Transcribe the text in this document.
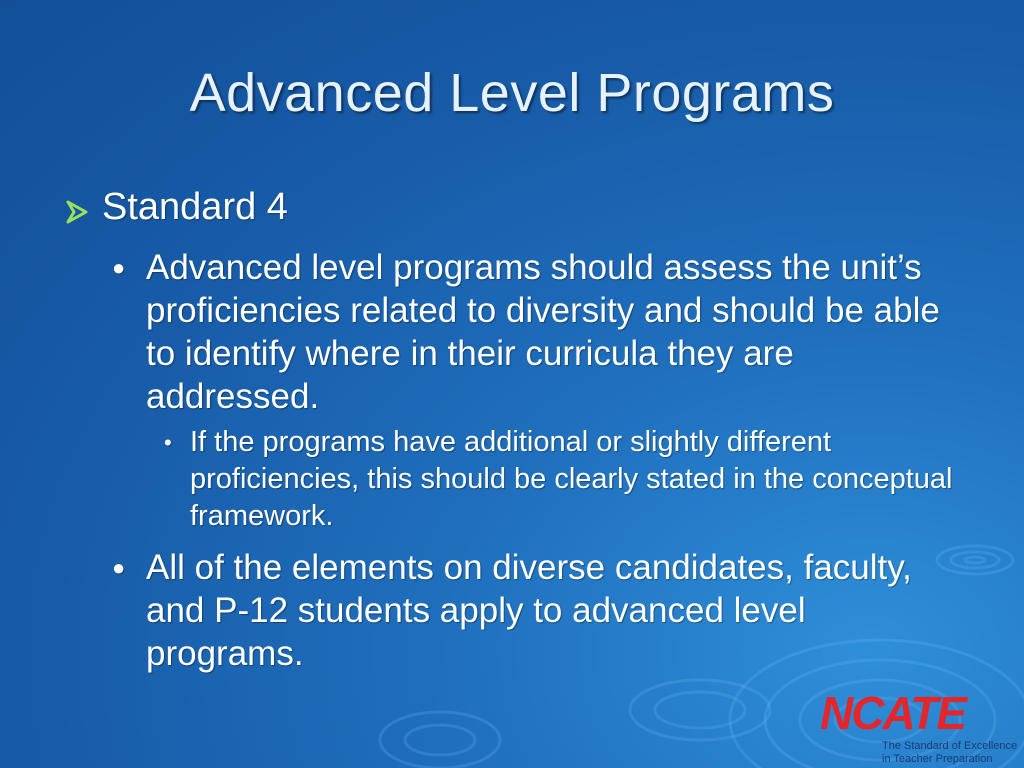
Advanced Level Programs
Standard 4
● Advanced level programs should assess the unit’s proficiencies related to diversity and should be able to identify where in their curricula they are addressed.
• If the programs have additional or slightly different proficiencies, this should be clearly stated in the conceptual framework.
● All of the elements on diverse candidates, faculty, and P-12 students apply to advanced level programs.
NCATE
The Standard of Excellence
in Teacher Preparation
